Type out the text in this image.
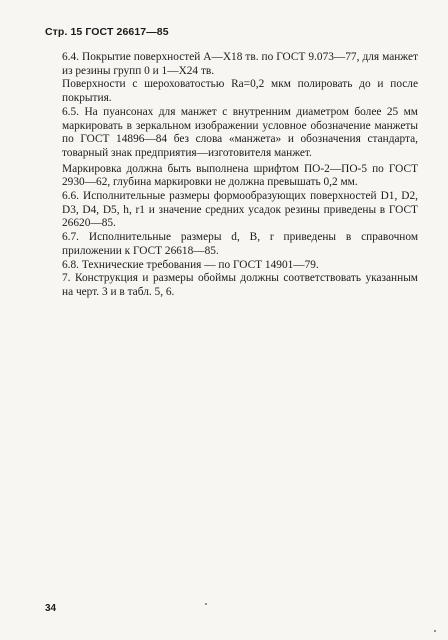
Стр. 15 ГОСТ 26617—85

6.4. Покрытие поверхностей А—Х18 тв. по ГОСТ 9.073—77, для манжет из резины групп 0 и 1—Х24 тв.

Поверхности с шероховатостью Ra=0,2 мкм полировать до и после покрытия.

6.5. На пуансонах для манжет с внутренним диаметром более 25 мм маркировать в зеркальном изображении условное обозначение манжеты по ГОСТ 14896—84 без слова «манжета» и обозначения стандарта, товарный знак предприятия—изготовителя манжет.

Маркировка должна быть выполнена шрифтом ПО-2—ПО-5 по ГОСТ 2930—62, глубина маркировки не должна превышать 0,2 мм.

6.6. Исполнительные размеры формообразующих поверхностей D1, D2, D3, D4, D5, h, r1 и значение средних усадок резины приведены в ГОСТ 26620—85.

6.7. Исполнительные размеры d, B, r приведены в справочном приложении к ГОСТ 26618—85.

6.8. Технические требования — по ГОСТ 14901—79.

7. Конструкция и размеры обоймы должны соответствовать указанным на черт. 3 и в табл. 5, 6.

34
